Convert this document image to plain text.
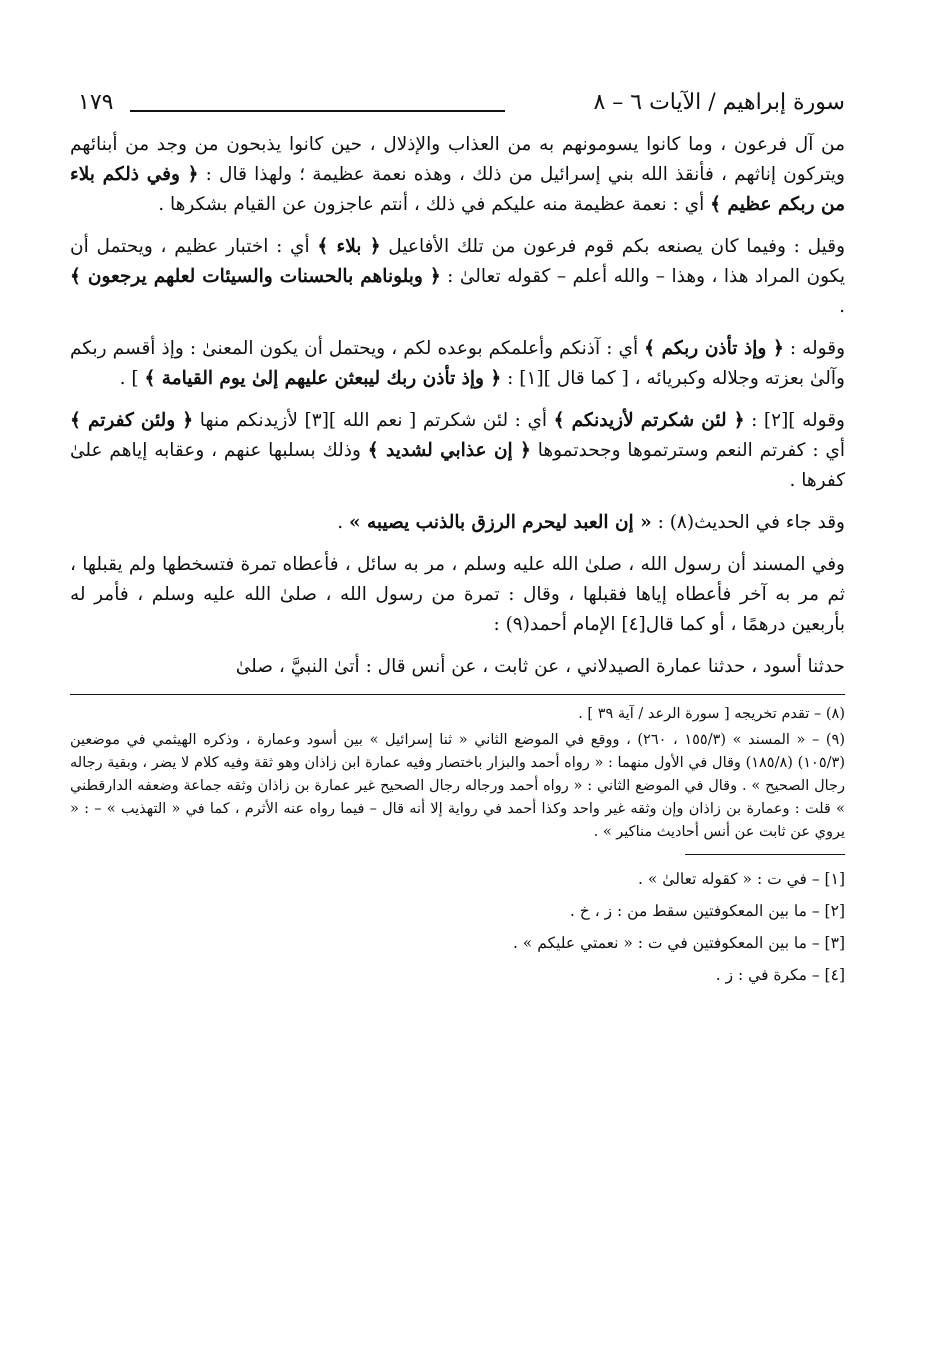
سورة إبراهيم / الآيات ٦ – ٨
١٧٩

من آل فرعون ، وما كانوا يسومونهم به من العذاب والإذلال ، حين كانوا يذبحون من وجد من أبنائهم ويتركون إناثهم ، فأنقذ الله بني إسرائيل من ذلك ، وهذه نعمة عظيمة ؛ ولهذا قال : ﴿ وفي ذلكم بلاء من ربكم عظيم ﴾ أي : نعمة عظيمة منه عليكم في ذلك ، أنتم عاجزون عن القيام بشكرها .

وقيل : وفيما كان يصنعه بكم قوم فرعون من تلك الأفاعيل ﴿ بلاء ﴾ أي : اختبار عظيم ، ويحتمل أن يكون المراد هذا ، وهذا – والله أعلم – كقوله تعالىٰ : ﴿ وبلوناهم بالحسنات والسيئات لعلهم يرجعون ﴾ .

وقوله : ﴿ وإذ تأذن ربكم ﴾ أي : آذنكم وأعلمكم بوعده لكم ، ويحتمل أن يكون المعنىٰ : وإذ أقسم ربكم وآلىٰ بعزته وجلاله وكبريائه ، [ كما قال ][١] : ﴿ وإذ تأذن ربك ليبعثن عليهم إلىٰ يوم القيامة ﴾ ] .

وقوله ][٢] : ﴿ لئن شكرتم لأزيدنكم ﴾ أي : لئن شكرتم [ نعم الله ][٣] لأزيدنكم منها ﴿ ولئن كفرتم ﴾ أي : كفرتم النعم وسترتموها وجحدتموها ﴿ إن عذابي لشديد ﴾ وذلك بسلبها عنهم ، وعقابه إياهم علىٰ كفرها .

وقد جاء في الحديث(٨) : « إن العبد ليحرم الرزق بالذنب يصيبه » .

وفي المسند أن رسول الله ، صلىٰ الله عليه وسلم ، مر به سائل ، فأعطاه تمرة فتسخطها ولم يقبلها ، ثم مر به آخر فأعطاه إياها فقبلها ، وقال : تمرة من رسول الله ، صلىٰ الله عليه وسلم ، فأمر له بأربعين درهمًا ، أو كما قال[٤] الإمام أحمد(٩) :

حدثنا أسود ، حدثنا عمارة الصيدلاني ، عن ثابت ، عن أنس قال : أتىٰ النبيَّ ، صلىٰ

(٨) – تقدم تخريجه [ سورة الرعد / آية ٣٩ ] .

(٩) – « المسند » (١٥٥/٣ ، ٢٦٠) ، ووقع في الموضع الثاني « ثنا إسرائيل » بين أسود وعمارة ، وذكره الهيثمي في موضعين (١٠٥/٣) (١٨٥/٨) وقال في الأول منهما : « رواه أحمد والبزار باختصار وفيه عمارة ابن زاذان وهو ثقة وفيه كلام لا يضر ، وبقية رجاله رجال الصحيح » . وقال في الموضع الثاني : « رواه أحمد ورجاله رجال الصحيح غير عمارة بن زاذان وثقه جماعة وضعفه الدارقطني » قلت : وعمارة بن زاذان وإن وثقه غير واحد وكذا أحمد في رواية إلا أنه قال – فيما رواه عنه الأثرم ، كما في « التهذيب » – : « يروي عن ثابت عن أنس أحاديث مناكير » .

[١] – في ت : « كقوله تعالىٰ » .

[٢] – ما بين المعكوفتين سقط من : ز ، خ .

[٣] – ما بين المعكوفتين في ت : « نعمتي عليكم » .

[٤] – مكرة في : ز .
